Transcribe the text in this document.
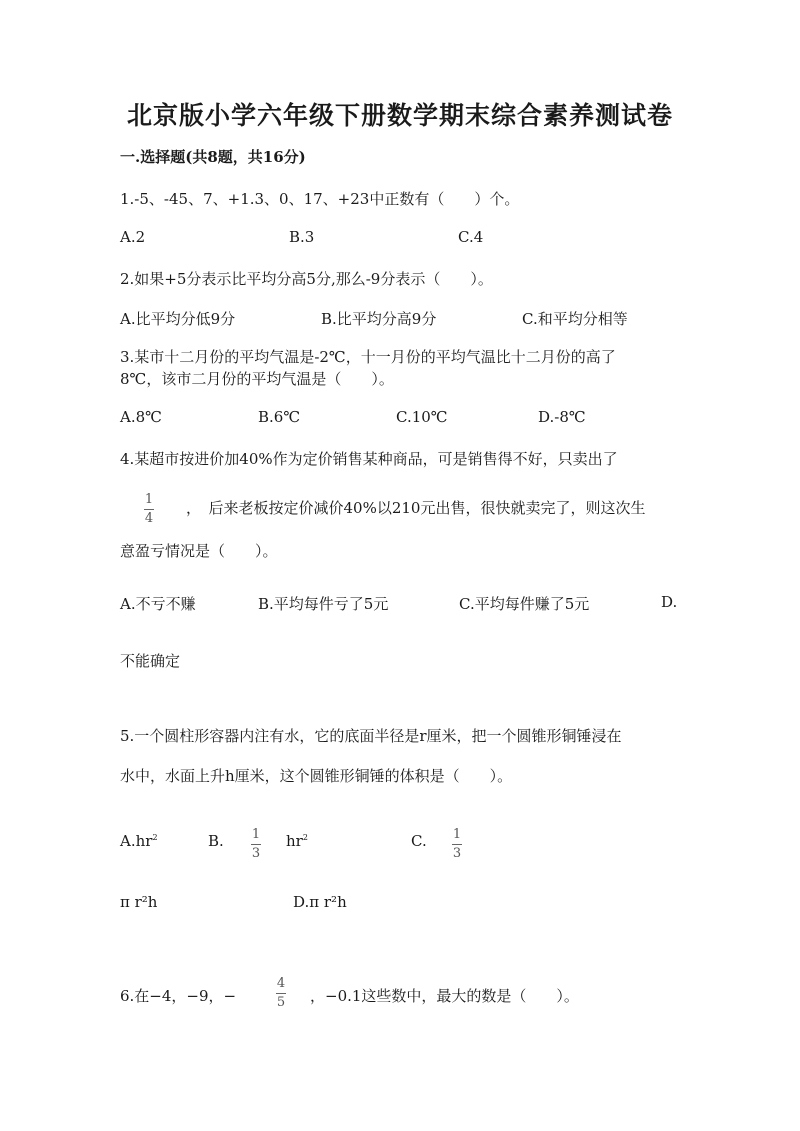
北京版小学六年级下册数学期末综合素养测试卷
一.选择题(共8题，共16分)
1.-5、-45、7、+1.3、0、17、+23中正数有（　　）个。
A.2	B.3	C.4
2.如果+5分表示比平均分高5分,那么-9分表示（　　）。
A.比平均分低9分	B.比平均分高9分	C.和平均分相等
3.某市十二月份的平均气温是-2℃，十一月份的平均气温比十二月份的高了
8℃，该市二月份的平均气温是（　　）。
A.8℃	B.6℃	C.10℃	D.-8℃
4.某超市按进价加40%作为定价销售某种商品，可是销售得不好，只卖出了
1
4
，　后来老板按定价减价40%以210元出售，很快就卖完了，则这次生
意盈亏情况是（　　）。
A.不亏不赚	B.平均每件亏了5元	C.平均每件赚了5元	D.
不能确定
5.一个圆柱形容器内注有水，它的底面半径是r厘米，把一个圆锥形铜锤浸在
水中，水面上升h厘米，这个圆锥形铜锤的体积是（　　）。
$A.hr^2$	B. 1
3
$hr^2$	C. 1
3
π r²h	D.π r²h
6.在−4，−9，−
4
5 ，−0.1这些数中，最大的数是（　　）。
